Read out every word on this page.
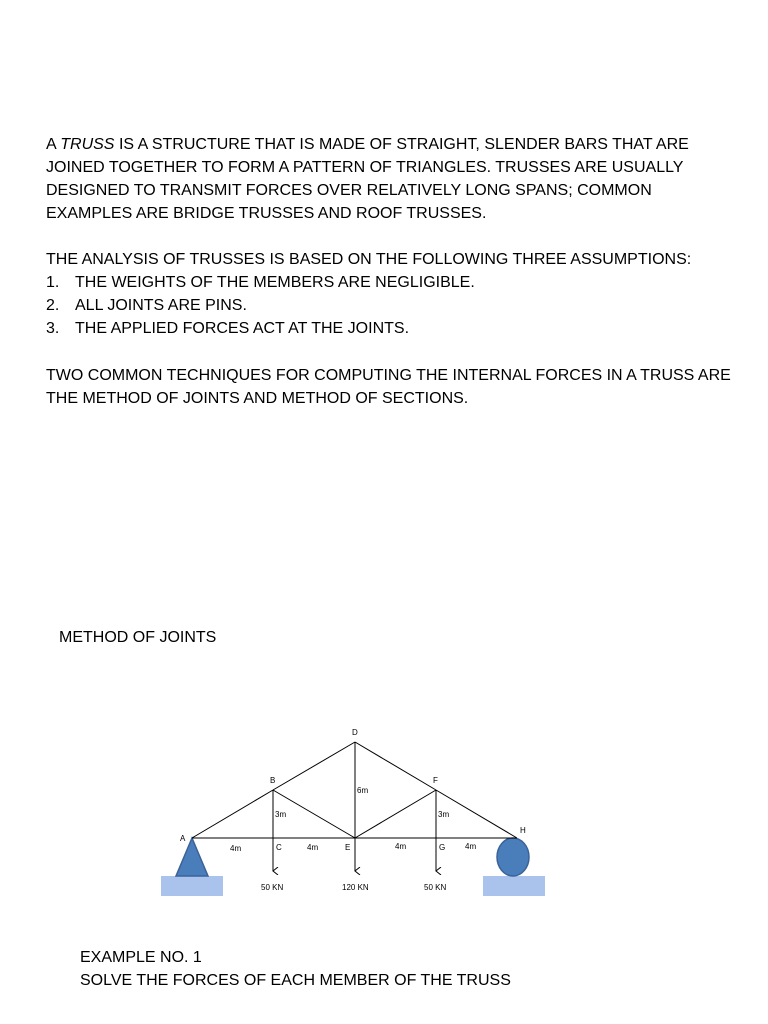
A TRUSS IS A STRUCTURE THAT IS MADE OF STRAIGHT, SLENDER BARS THAT ARE JOINED TOGETHER TO FORM A PATTERN OF TRIANGLES. TRUSSES ARE USUALLY DESIGNED TO TRANSMIT FORCES OVER RELATIVELY LONG SPANS; COMMON EXAMPLES ARE BRIDGE TRUSSES AND ROOF TRUSSES.

THE ANALYSIS OF TRUSSES IS BASED ON THE FOLLOWING THREE ASSUMPTIONS:

1. THE WEIGHTS OF THE MEMBERS ARE NEGLIGIBLE.
2. ALL JOINTS ARE PINS.
3. THE APPLIED FORCES ACT AT THE JOINTS.

TWO COMMON TECHNIQUES FOR COMPUTING THE INTERNAL FORCES IN A TRUSS ARE THE METHOD OF JOINTS AND METHOD OF SECTIONS.

METHOD OF JOINTS
A
B
C
D
E
F
G
H
4m	4m	4m	4m
3m
6m
3m
50 KN	120 KN	50 KN
EXAMPLE NO. 1
SOLVE THE FORCES OF EACH MEMBER OF THE TRUSS
